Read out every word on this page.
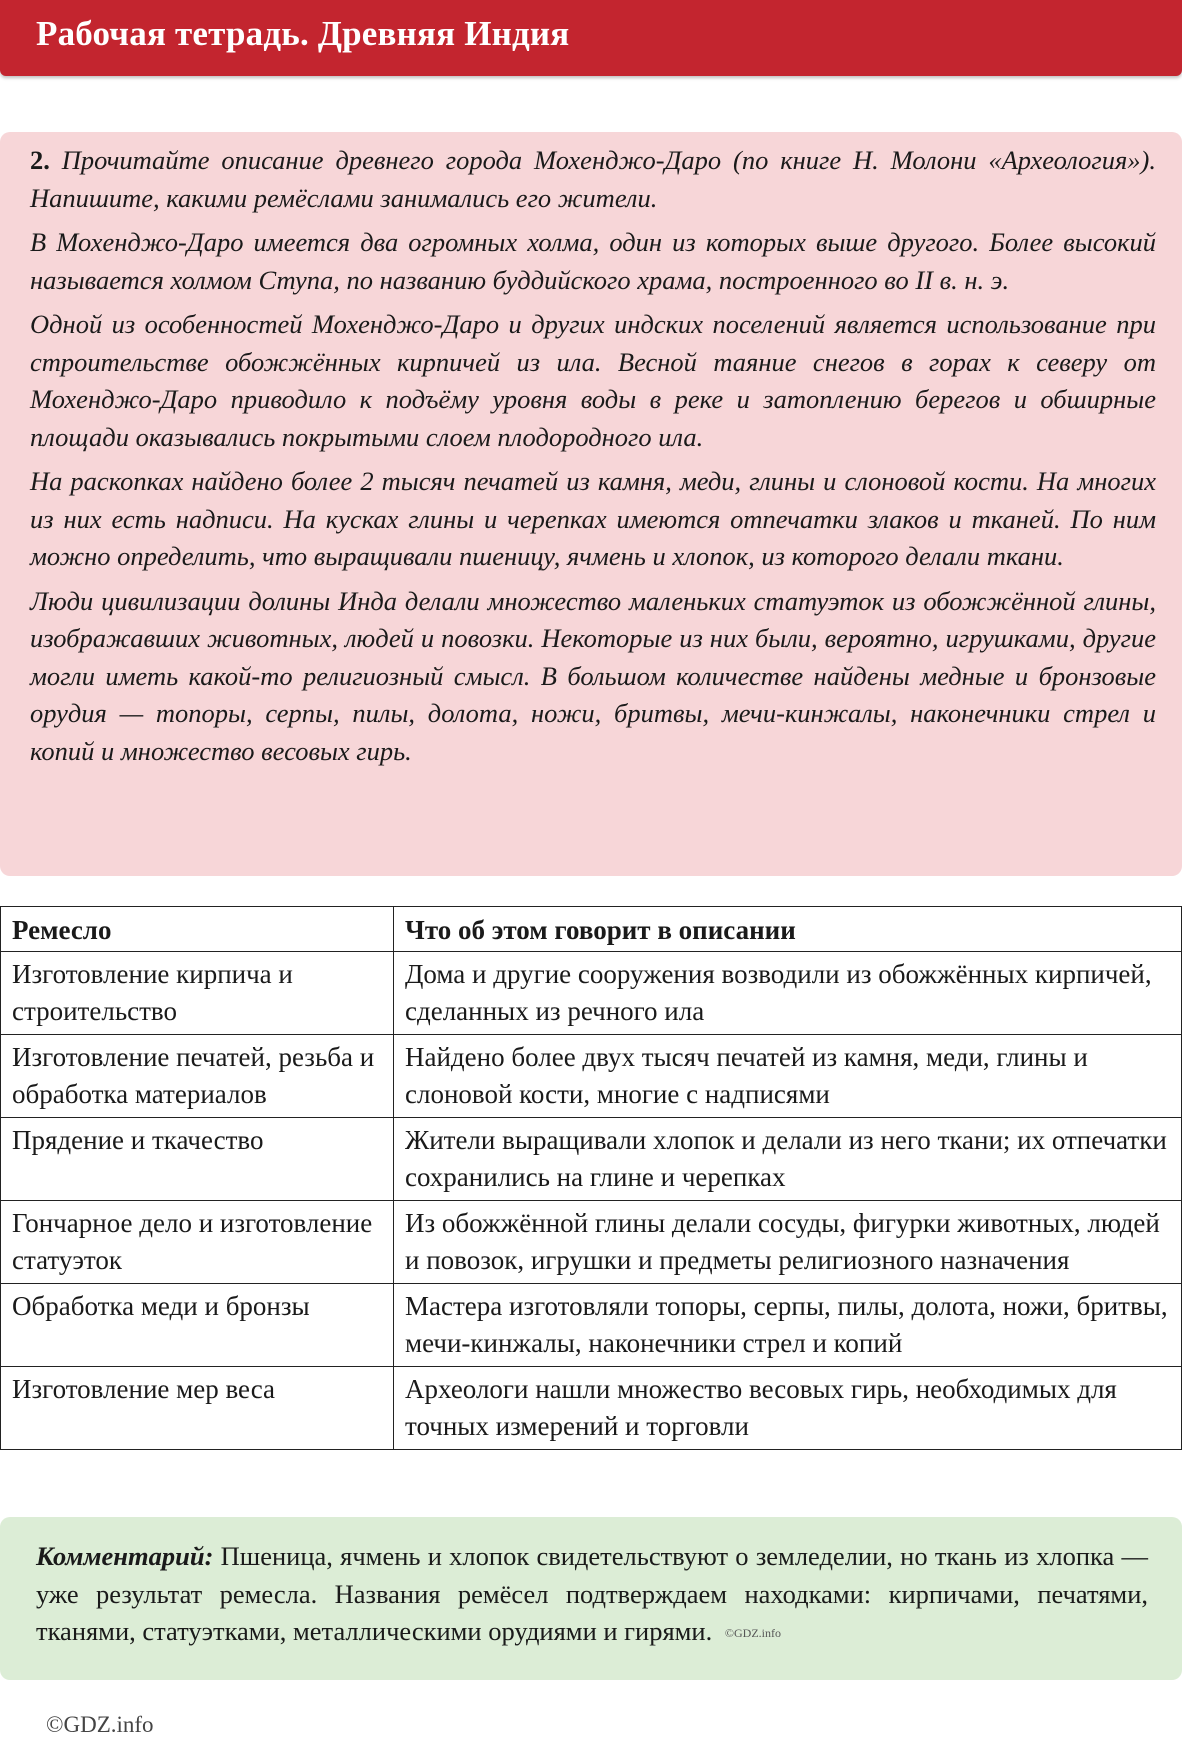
Рабочая тетрадь. Древняя Индия

2. Прочитайте описание древнего города Мохенджо-Даро (по книге Н. Молони «Археология»). Напишите, какими ремёслами занимались его жители.

В Мохенджо-Даро имеется два огромных холма, один из которых выше другого. Более высокий называется холмом Ступа, по названию буддийского храма, построенного во II в. н. э.

Одной из особенностей Мохенджо-Даро и других индских поселений является использование при строительстве обожжённых кирпичей из ила. Весной таяние снегов в горах к северу от Мохенджо-Даро приводило к подъёму уровня воды в реке и затоплению берегов и обширные площади оказывались покрытыми слоем плодородного ила.

На раскопках найдено более 2 тысяч печатей из камня, меди, глины и слоновой кости. На многих из них есть надписи. На кусках глины и черепках имеются отпечатки злаков и тканей. По ним можно определить, что выращивали пшеницу, ячмень и хлопок, из которого делали ткани.

Люди цивилизации долины Инда делали множество маленьких статуэток из обожжённой глины, изображавших животных, людей и повозки. Некоторые из них были, вероятно, игрушками, другие могли иметь какой-то религиозный смысл. В большом количестве найдены медные и бронзовые орудия — топоры, серпы, пилы, долота, ножи, бритвы, мечи-кинжалы, наконечники стрел и копий и множество весовых гирь.

Ремесло	Что об этом говорит в описании
Изготовление кирпича и строительство	Дома и другие сооружения возводили из обожжённых кирпичей, сделанных из речного ила
Изготовление печатей, резьба и обработка материалов	Найдено более двух тысяч печатей из камня, меди, глины и слоновой кости, многие с надписями
Прядение и ткачество	Жители выращивали хлопок и делали из него ткани; их отпечатки сохранились на глине и черепках
Гончарное дело и изготовление статуэток	Из обожжённой глины делали сосуды, фигурки животных, людей и повозок, игрушки и предметы религиозного назначения
Обработка меди и бронзы	Мастера изготовляли топоры, серпы, пилы, долота, ножи, бритвы, мечи-кинжалы, наконечники стрел и копий
Изготовление мер веса	Археологи нашли множество весовых гирь, необходимых для точных измерений и торговли
Комментарий: Пшеница, ячмень и хлопок свидетельствуют о земледелии, но ткань из хлопка — уже результат ремесла. Названия ремёсел подтверждаем находками: кирпичами, печатями, тканями, статуэтками, металлическими орудиями и гирями. ©GDZ.info
©GDZ.info
